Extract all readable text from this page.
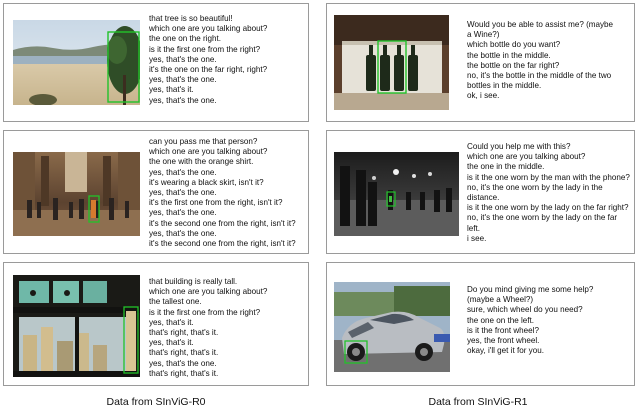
that tree is so beautiful!
which one are you talking about?
the one on the right.
is it the first one from the right?
yes, that's the one.
it's the one on the far right, right?
yes, that's the one.
yes, that's it.
yes, that's the one.
can you pass me that person?
which one are you talking about?
the one with the orange shirt.
yes, that's the one.
it's wearing a black skirt, isn't it?
yes, that's the one.
it's the first one from the right, isn't it?
yes, that's the one.
it's the second one from the right, isn't it?
yes, that's the one.
it's the second one from the right, isn't it?
that building is really tall.
which one are you talking about?
the tallest one.
is it the first one from the right?
yes, that's it.
that's right, that's it.
yes, that's it.
that's right, that's it.
yes, that's the one.
that's right, that's it.
Would you be able to assist me? (maybe
a Wine?)
which bottle do you want?
the bottle in the middle.
the bottle on the far right?
no, it's the bottle in the middle of the two
bottles in the middle.
ok, i see.
Could you help me with this?
which one are you talking about?
the one in the middle.
is it the one worn by the man with the phone?
no, it's the one worn by the lady in the
distance.
is it the one worn by the lady on the far right?
no, it's the one worn by the lady on the far
left.
i see.
Do you mind giving me some help?
(maybe a Wheel?)
sure, which wheel do you need?
the one on the left.
is it the front wheel?
yes, the front wheel.
okay, i'll get it for you.
Data from SInViG-R0	Data from SInViG-R1
